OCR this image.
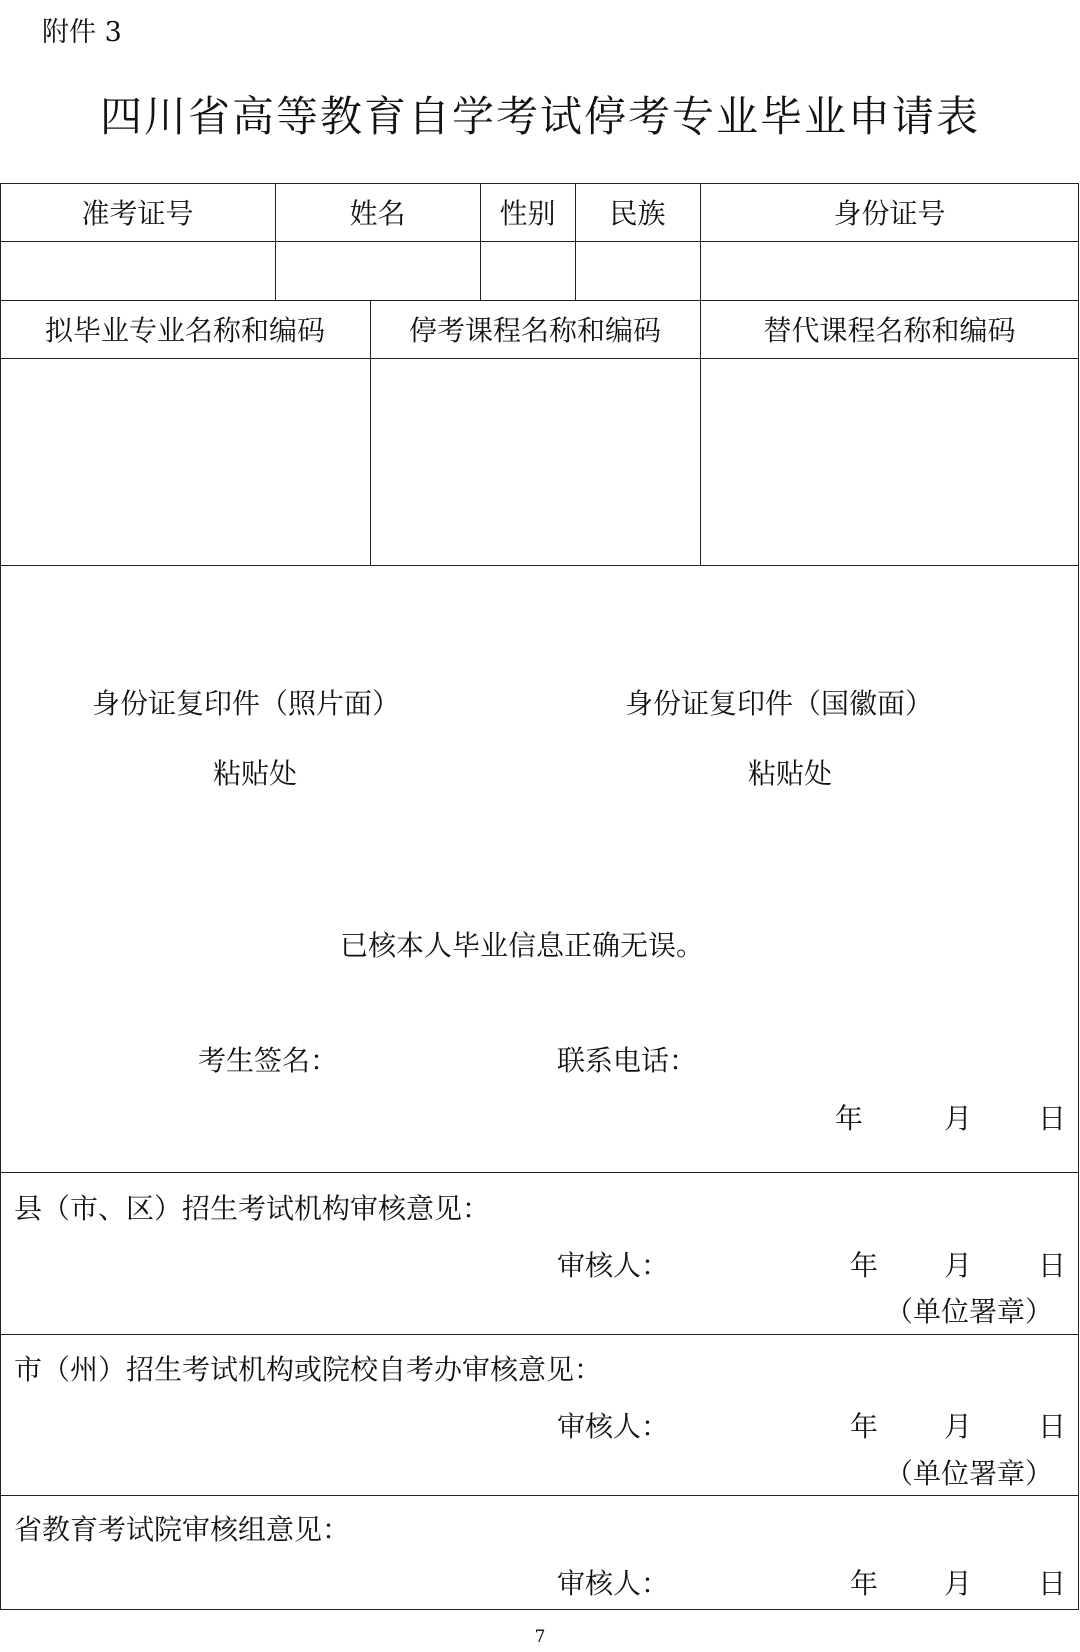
附件 3
四川省高等教育自学考试停考专业毕业申请表
准考证号	姓名	性别	民族	身份证号
拟毕业专业名称和编码	停考课程名称和编码	替代课程名称和编码
身份证复印件（照片面）
粘贴处
身份证复印件（国徽面）
粘贴处
已核本人毕业信息正确无误。
考生签名：	联系电话：
年	月 日
县（市、区）招生考试机构审核意见：
审核人：	年 月 日
（单位署章）
市（州）招生考试机构或院校自考办审核意见：
审核人：	年 月 日
（单位署章）
省教育考试院审核组意见：
审核人：	年 月 日
7
